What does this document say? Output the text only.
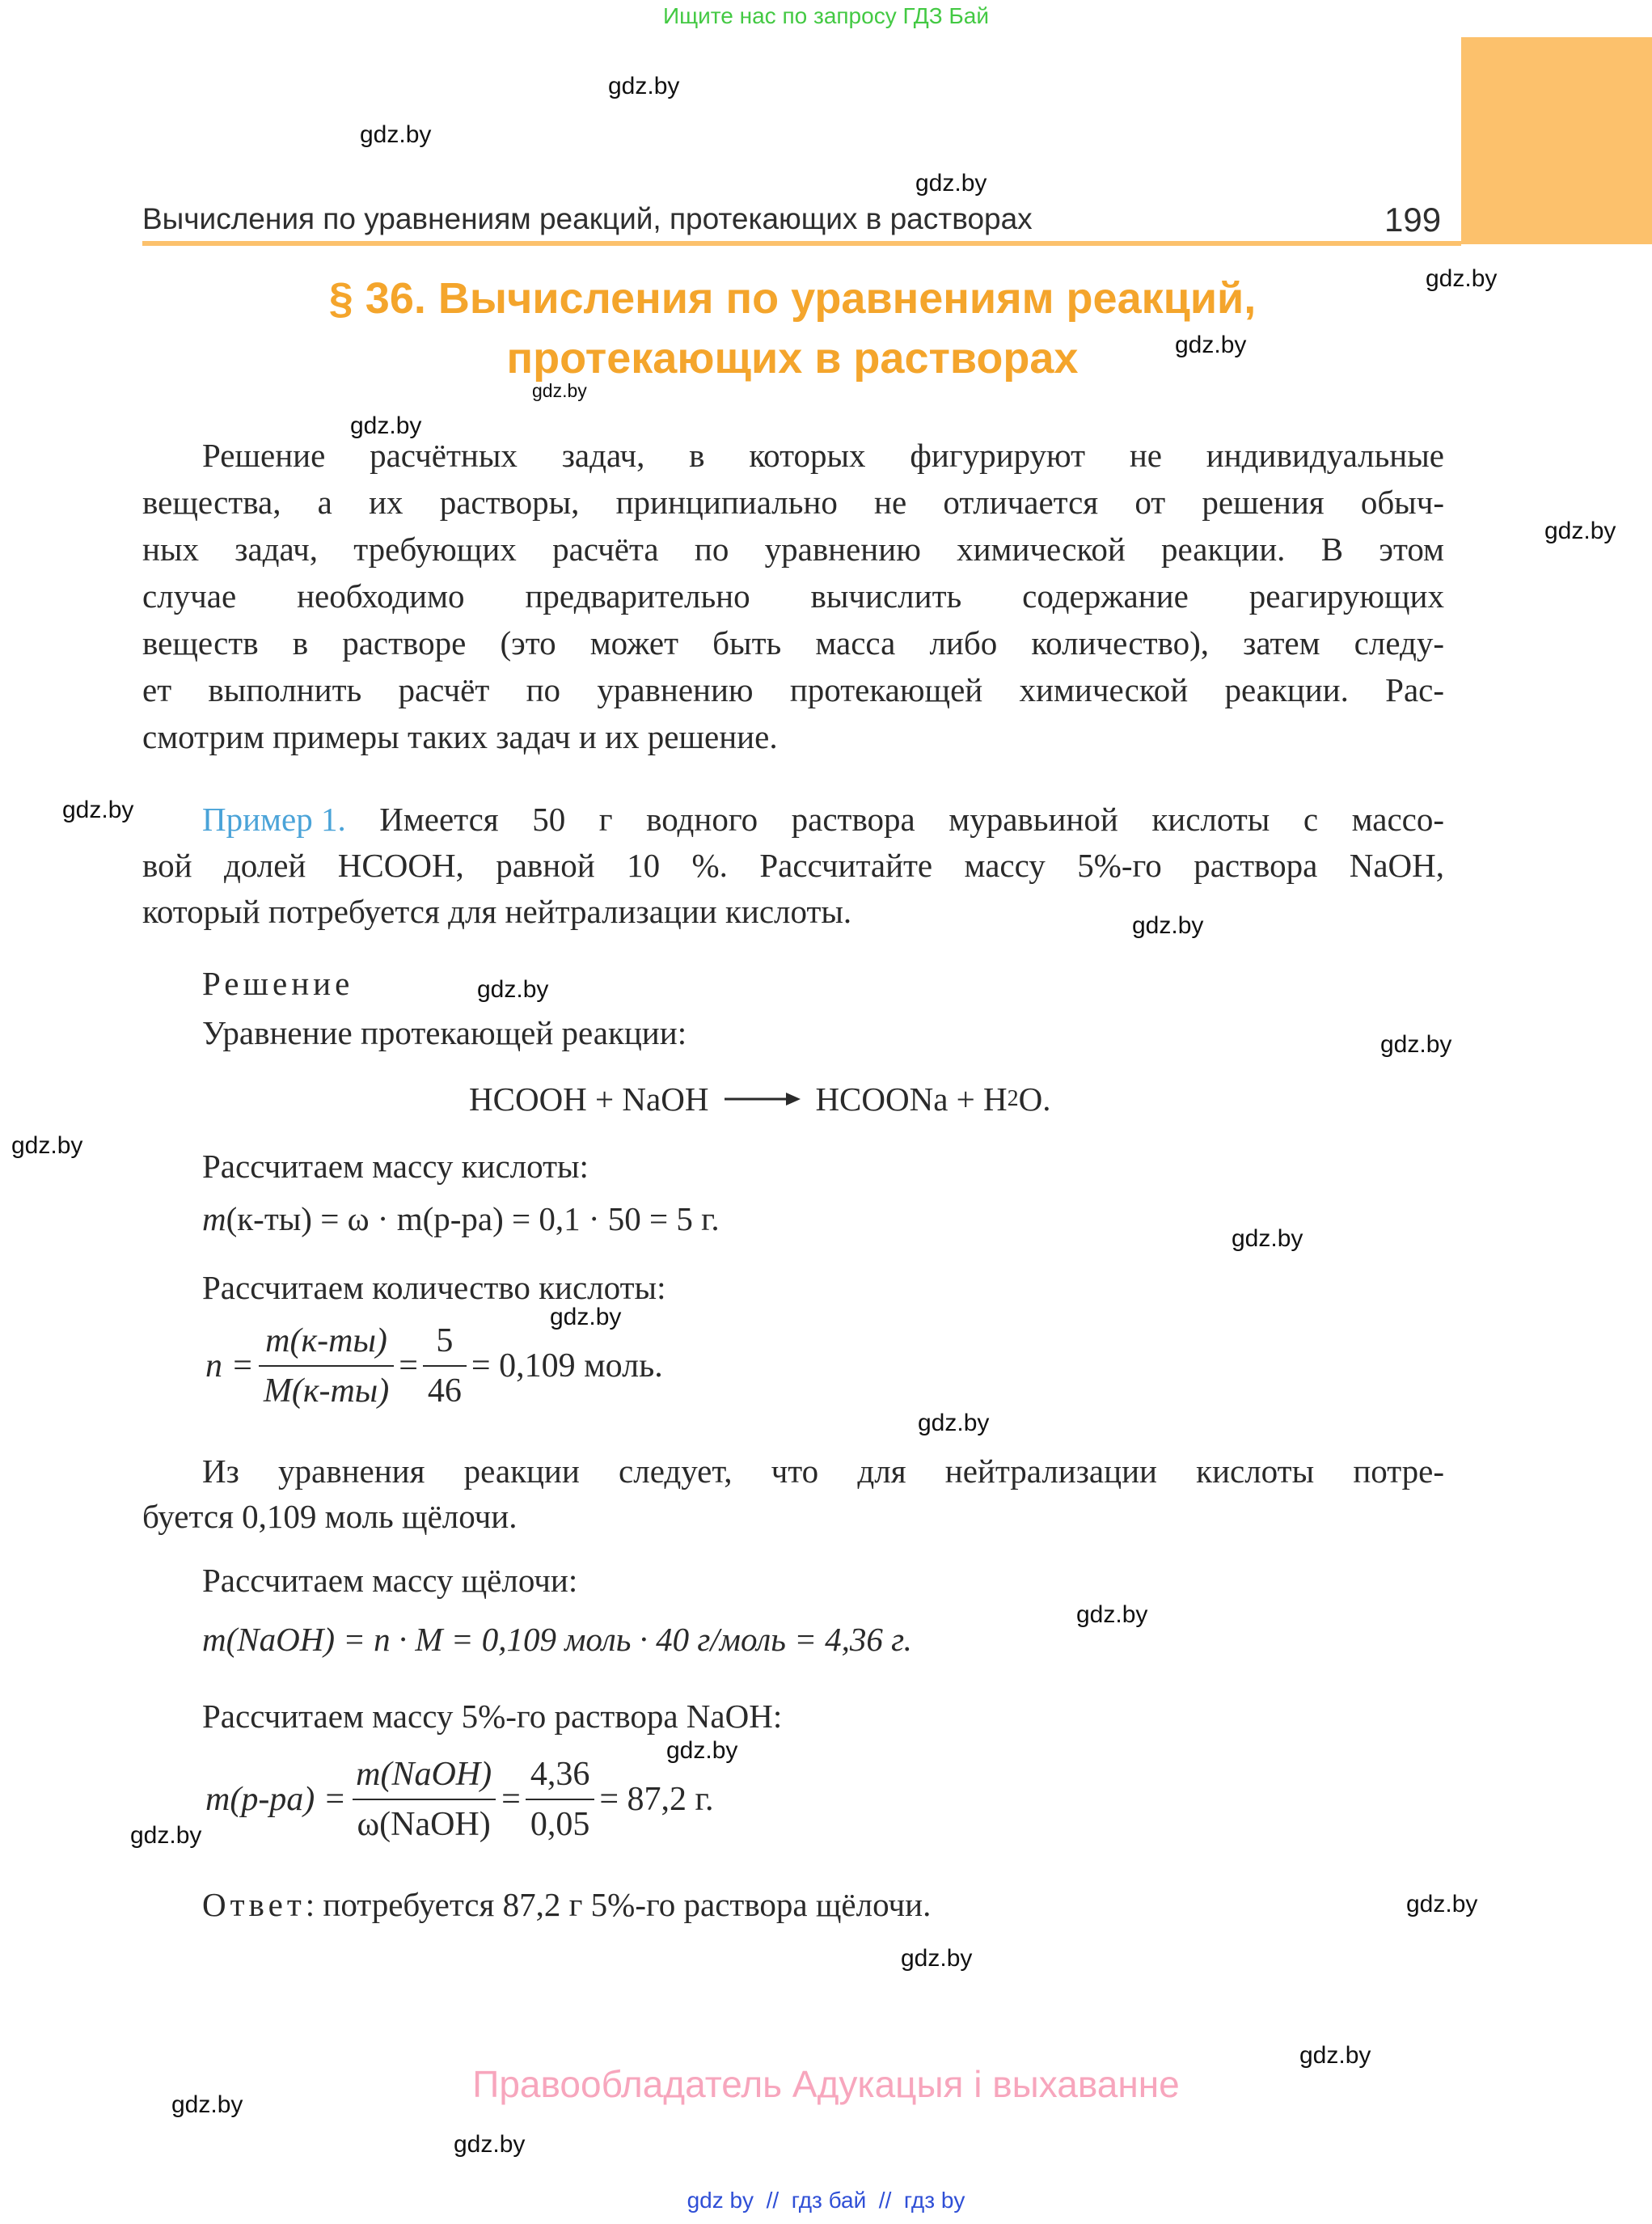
Ищите нас по запросу ГДЗ Бай
Вычисления по уравнениям реакций, протекающих в растворах	199
§ 36. Вычисления по уравнениям реакций,
протекающих в растворах
Решение расчётных задач, в которых фигурируют не индивидуальные
вещества, а их растворы, принципиально не отличается от решения обыч-
ных задач, требующих расчёта по уравнению химической реакции. В этом
случае необходимо предварительно вычислить содержание реагирующих
веществ в растворе (это может быть масса либо количество), затем следу-
ет выполнить расчёт по уравнению протекающей химической реакции. Рас-
смотрим примеры таких задач и их решение.
Пример 1. Имеется 50 г водного раствора муравьиной кислоты с массо-
вой долей HCOOH, равной 10 %. Рассчитайте массу 5%-го раствора NaOH,
который потребуется для нейтрализации кислоты.
Решение
Уравнение протекающей реакции:
HCOOH + NaOH	HCOONa + H 2 O.
Рассчитаем массу кислоты:
m(к-ты) = ω · m(р-ра) = 0,1 · 50 = 5 г.
Рассчитаем количество кислоты:
$n = \frac{m(к-ты)}{M(к-ты)} = \frac{5}{46} = 0,109$ моль.
Из уравнения реакции следует, что для нейтрализации кислоты потре-
буется 0,109 моль щёлочи.
Рассчитаем массу щёлочи:
m(NaOH) = n · M = 0,109 моль · 40 г/моль = 4,36 г.
Рассчитаем массу 5%-го раствора NaOH:
$m(р-ра) = \frac{\text{m(NaOH)}}{\text{ω(NaOH)}} = \frac{4,36}{0,05} = 87,2$ г.
Ответ: потребуется 87,2 г 5%-го раствора щёлочи.
gdz.by
gdz.by
gdz.by
gdz.by
gdz.by
gdz.by
gdz.by
gdz.by
gdz.by
gdz.by
gdz.by
gdz.by
gdz.by
gdz.by
gdz.by
gdz.by
gdz.by
gdz.by
gdz.by
gdz.by
gdz.by
gdz.by
gdz.by
gdz.by
Правообладатель Адукацыя і выхаванне
gdz by  //  гдз бай  //  гдз by
